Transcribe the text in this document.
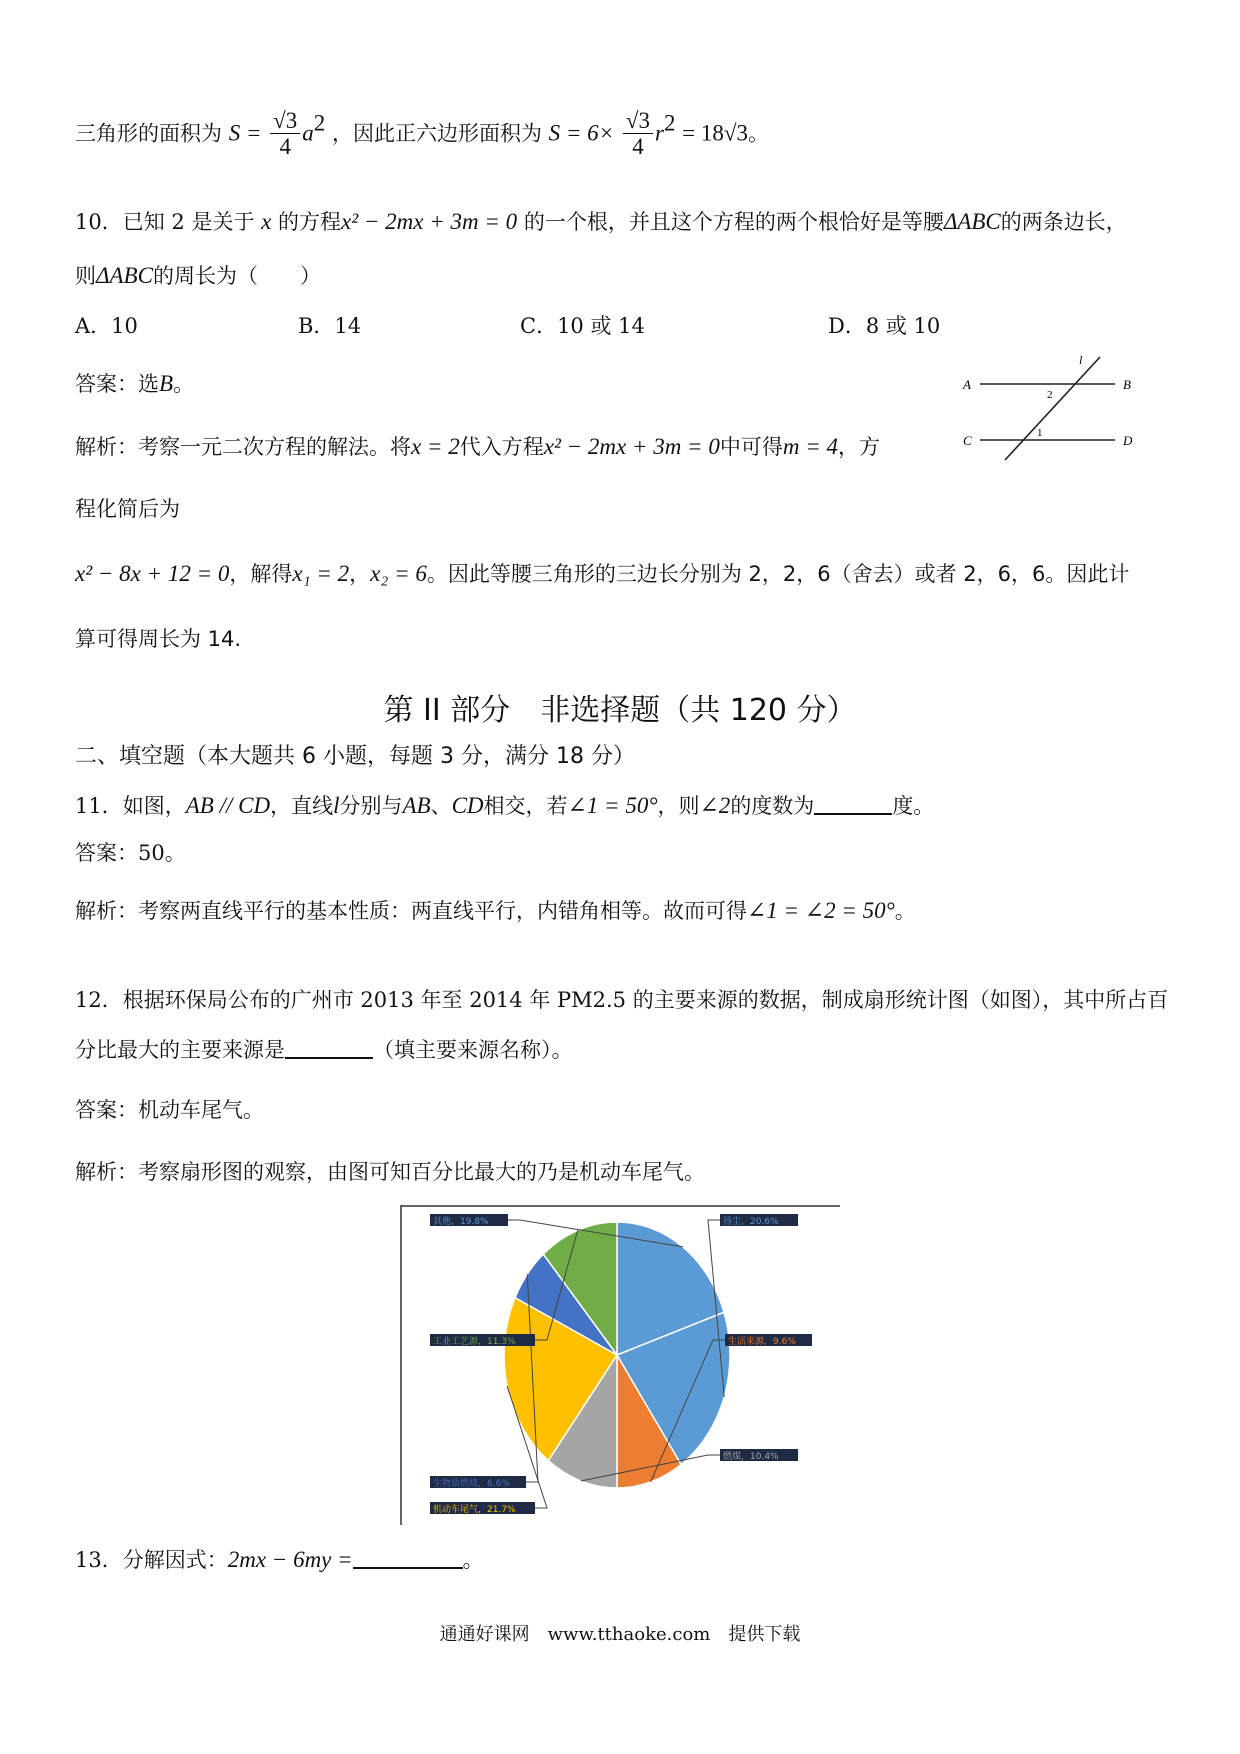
三角形的面积为 $S = \frac{√3}{4} a^2$ ，因此正六边形面积为 $S = 6\times \frac{√3}{4} r^2 = 18√3$。
10．已知 2 是关于 x 的方程x² − 2mx + 3m = 0 的一个根，并且这个方程的两个根恰好是等腰ΔABC的两条边长，
则ΔABC的周长为（　　）
A．10	B．14	C．10 或 14	D．8 或 10
答案：选B。
解析：考察一元二次方程的解法。将x = 2代入方程x² − 2mx + 3m = 0中可得m = 4，方
程化简后为
x² − 8x + 12 = 0，解得x₁ = 2，x₂ = 6。因此等腰三角形的三边长分别为 2，2，6（舍去）或者 2，6，6。因此计
算可得周长为 14.
A	B
C	D
l
2
1
第 II 部分　非选择题（共 120 分）
二、填空题（本大题共 6 小题，每题 3 分，满分 18 分）
11．如图，AB // CD，直线l分别与AB、CD相交，若∠1 = 50°，则∠2的度数为	度。
答案：50。
解析：考察两直线平行的基本性质：两直线平行，内错角相等。故而可得∠1 = ∠2 = 50°。
12．根据环保局公布的广州市 2013 年至 2014 年 PM2.5 的主要来源的数据，制成扇形统计图（如图），其中所占百
分比最大的主要来源是	（填主要来源名称）。
答案：机动车尾气。
解析：考察扇形图的观察，由图可知百分比最大的乃是机动车尾气。
其他，19.8%	扬尘，20.6%
生活来源，9.6%
燃煤，10.4%
机动车尾气，21.7%
生物质燃烧，6.6%
工业工艺源，11.3%
13．分解因式：2mx − 6my =	。
通通好课网　www.tthaoke.com　提供下载
